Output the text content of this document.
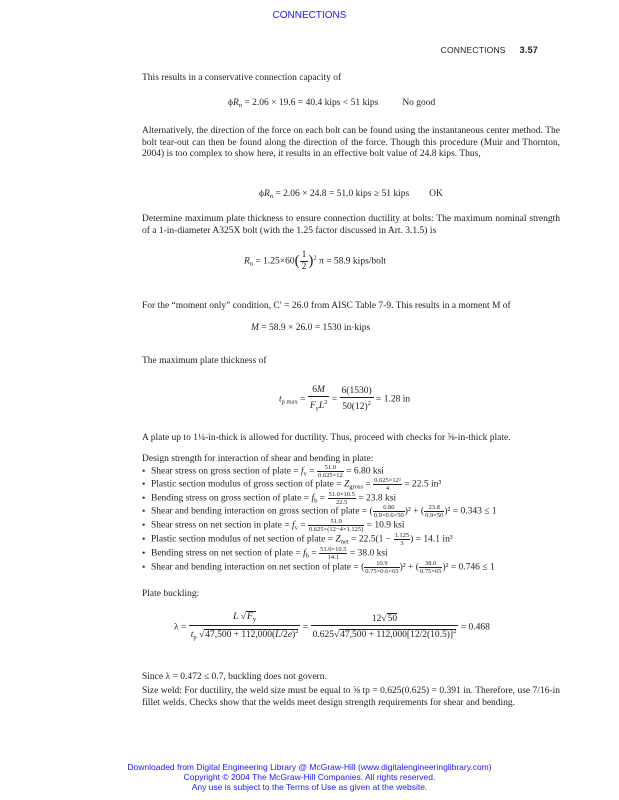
CONNECTIONS
CONNECTIONS 3.57
This results in a conservative connection capacity of
$\phi R_n = 2.06 \times 19.6 = 40.4$ kips < 51 kips	No good
Alternatively, the direction of the force on each bolt can be found using the instantaneous center method. The bolt tear-out can then be found along the direction of the force. Though this procedure (Muir and Thornton, 2004) is too complex to show here, it results in an effective bolt value of 24.8 kips. Thus,
$\phi R_n = 2.06 \times 24.8 = 51.0$ kips ≥ 51 kips OK
Determine maximum plate thickness to ensure connection ductility at bolts: The maximum nominal strength of a 1-in-diameter A325X bolt (with the 1.25 factor discussed in Art. 3.1.5) is
$R_n = 1.25\times 60( \frac{1}{2} )^2$ π = 58.9 kips/bolt
For the “moment only” condition, C′ = 26.0 from AISC Table 7-9. This results in a moment M of
M = 58.9 × 26.0 = 1530 in·kips
The maximum plate thickness of
$t_{p max} = \frac{6M}{F_yL^2} = \frac{6(1530)}{50(12)^2} = 1.28$ in
A plate up to 1¼-in-thick is allowed for ductility. Thus, proceed with checks for ⅝-in-thick plate.
Design strength for interaction of shear and bending in plate:
• Shear stress on gross section of plate = $f_v = \frac{51.0}{0.625\times 12} = 6.80$ ksi
• Plastic section modulus of gross section of plate = $Z_{gross} = \frac{\text{0.625×12²}}{4} = 22.5$ in³
• Bending stress on gross section of plate = $f_b = \frac{51.0\times 10.5}{22.5} = 23.8$ ksi
• Shear and bending interaction on gross section of plate = ( $\frac{6.80}{0.9\times 0.6\times 50} )^2$ + ( $\frac{23.8}{0.9\times 50} )^2 = 0.343 \le 1$
• Shear stress on net section in plate = $f_v = \frac{51.0}{0.625\times(12-4\times 1.125)} = 10.9$ ksi
• Plastic section modulus of net section of plate = $Z_{net} = 22.5(1 - \frac{1.125}{3}$ ) = 14.1 in³
• Bending stress on net section of plate = $f_b = \frac{51.0\times 10.5}{14.1} = 38.0$ ksi
• Shear and bending interaction on net section of plate = ( $\frac{10.9}{0.75\times 0.6\times 65} )^2$ + ( $\frac{38.0}{0.75\times 65} )^2 = 0.746 \le 1$
Plate buckling:
$\lambda = \frac{L √F_y}{t_p √47,500 + 112,000(L/2e)^2} = \frac{12√50}{0.625√47,500 + 112,000[12/2(10.5)]^2} = 0.468$
Since λ = 0.472 ≤ 0.7, buckling does not govern.
Size weld: For ductility, the weld size must be equal to ⅝ tp = 0.625(0.625) = 0.391 in. Therefore, use 7/16-in fillet welds. Checks show that the welds meet design strength requirements for shear and bending.
Downloaded from Digital Engineering Library @ McGraw-Hill (www.digitalengineeringlibrary.com)
Copyright © 2004 The McGraw-Hill Companies. All rights reserved.
Any use is subject to the Terms of Use as given at the website.
